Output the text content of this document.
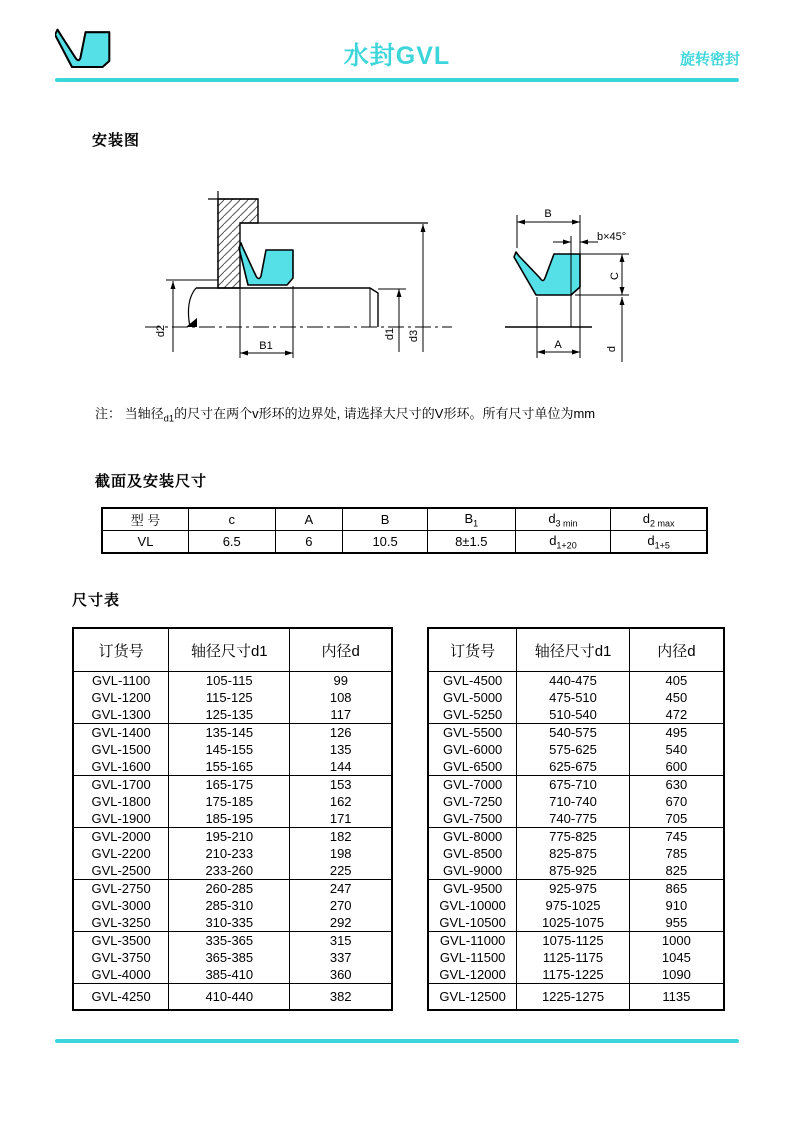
水封GVL	旋转密封
安装图
d2
B1
d1 d3
B
b×45°
C
A	d
注： 当轴径$_{d1}$的尺寸在两个v形环的边界处, 请选择大尺寸的V形环。所有尺寸单位为mm
截面及安装尺寸
型 号	c	A	B	$B_1$	$d_{3 min}$	$d_{2 max}$
VL	6.5	6	10.5	8±1.5	$d_{1+20}$	$d_{1+5}$
尺寸表
订货号	轴径尺寸d1	内径d
GVL-1100	105-115	99
GVL-1200	115-125	108
GVL-1300	125-135	117
GVL-1400	135-145	126
GVL-1500	145-155	135
GVL-1600	155-165	144
GVL-1700	165-175	153
GVL-1800	175-185	162
GVL-1900	185-195	171
GVL-2000	195-210	182
GVL-2200	210-233	198
GVL-2500	233-260	225
GVL-2750	260-285	247
GVL-3000	285-310	270
GVL-3250	310-335	292
GVL-3500	335-365	315
GVL-3750	365-385	337
GVL-4000	385-410	360
GVL-4250	410-440	382
订货号	轴径尺寸d1	内径d
GVL-4500	440-475	405
GVL-5000	475-510	450
GVL-5250	510-540	472
GVL-5500	540-575	495
GVL-6000	575-625	540
GVL-6500	625-675	600
GVL-7000	675-710	630
GVL-7250	710-740	670
GVL-7500	740-775	705
GVL-8000	775-825	745
GVL-8500	825-875	785
GVL-9000	875-925	825
GVL-9500	925-975	865
GVL-10000	975-1025	910
GVL-10500	1025-1075	955
GVL-11000	1075-1125	1000
GVL-11500	1125-1175	1045
GVL-12000	1175-1225	1090
GVL-12500	1225-1275	1135
